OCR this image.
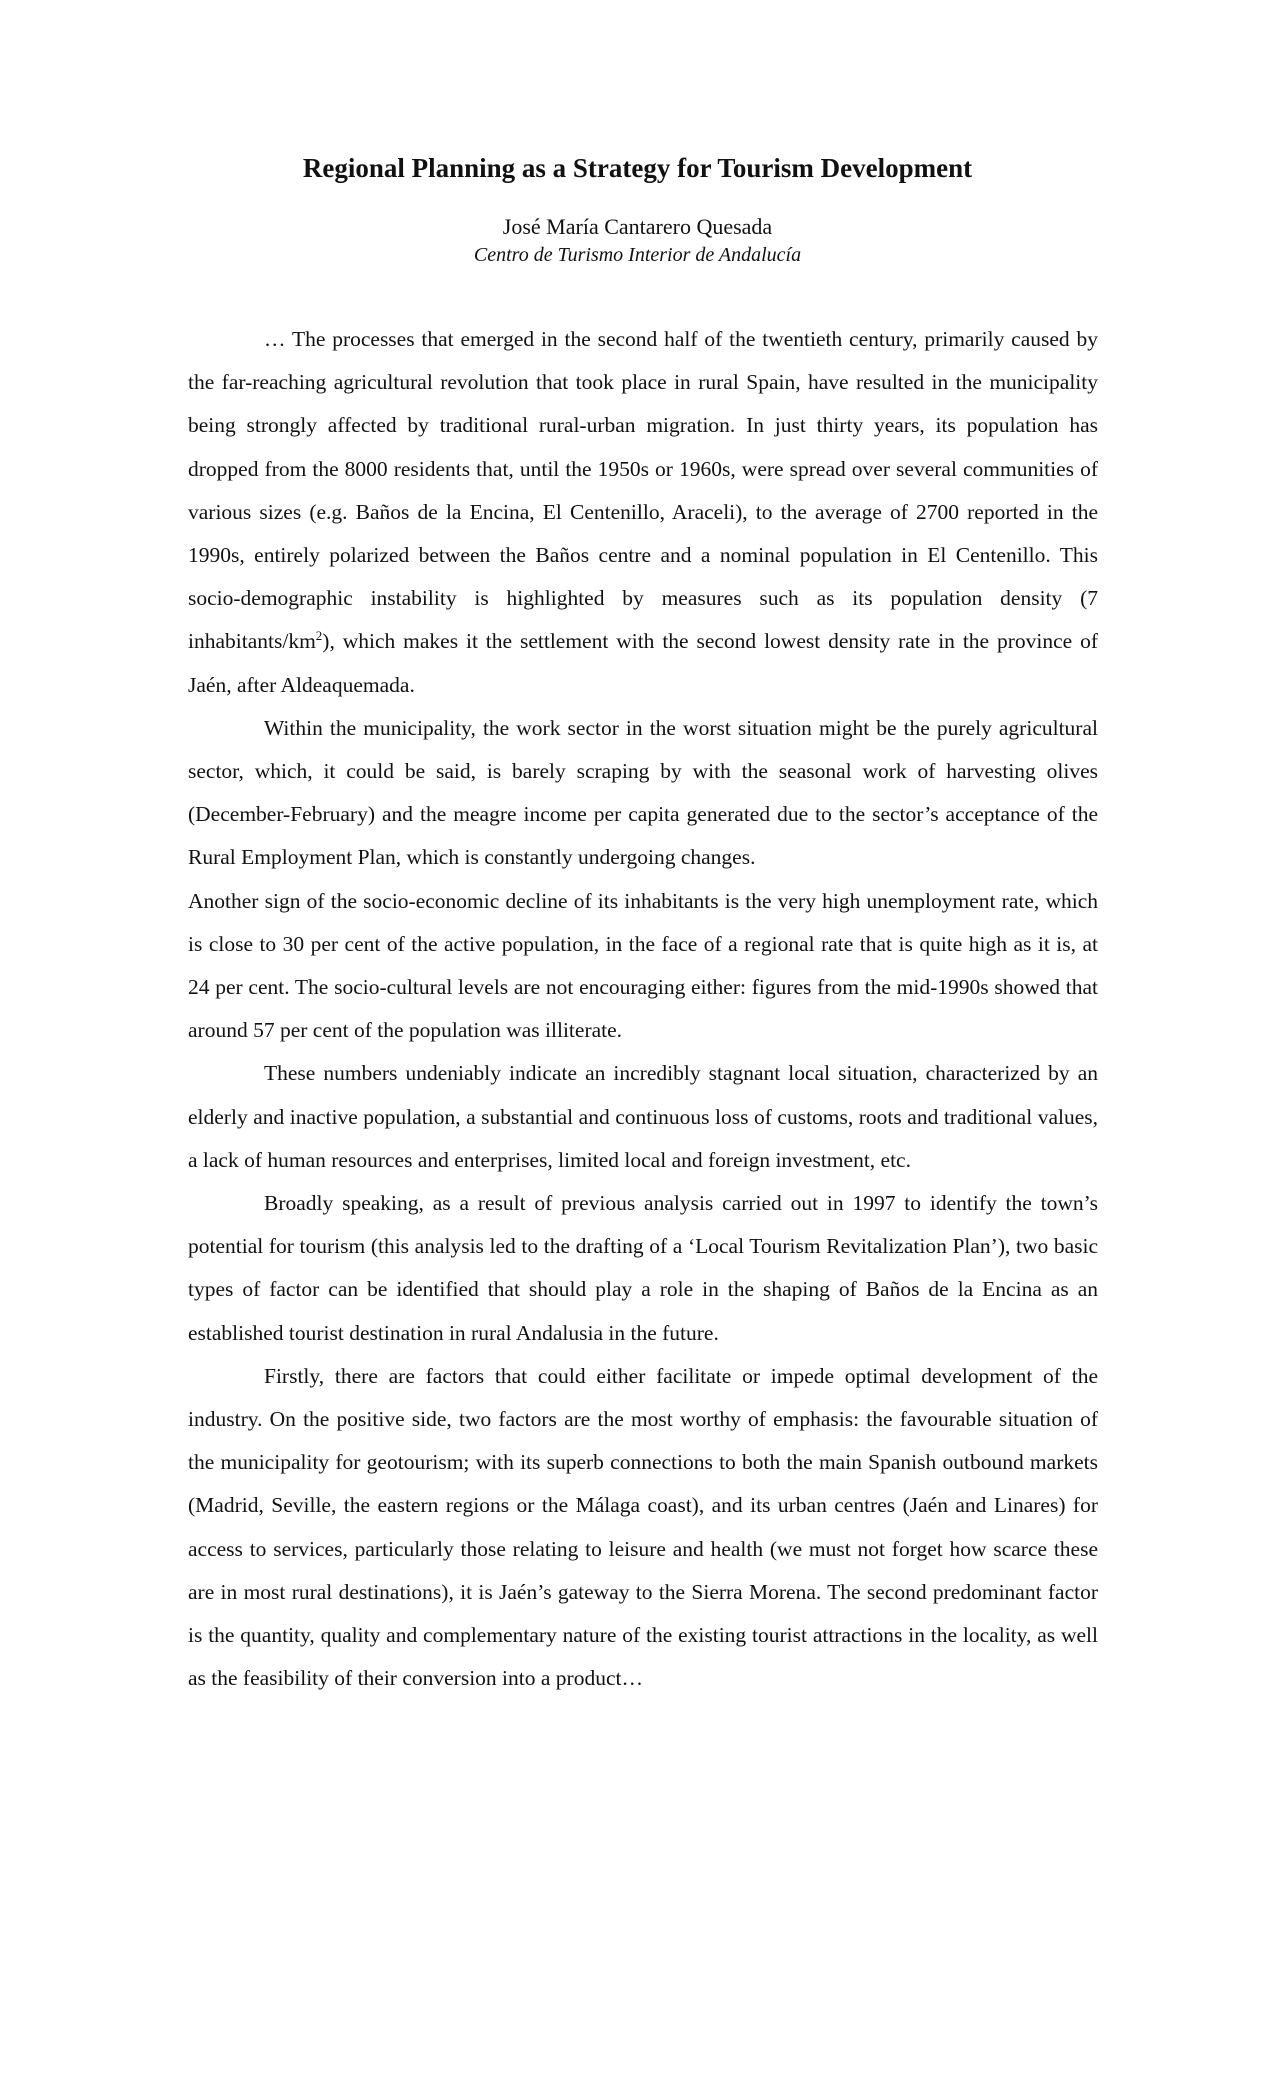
Regional Planning as a Strategy for Tourism Development
José María Cantarero Quesada
Centro de Turismo Interior de Andalucía

… The processes that emerged in the second half of the twentieth century, primarily caused by the far-reaching agricultural revolution that took place in rural Spain, have resulted in the municipality being strongly affected by traditional rural-urban migration. In just thirty years, its population has dropped from the 8000 residents that, until the 1950s or 1960s, were spread over several communities of various sizes (e.g. Baños de la Encina, El Centenillo, Araceli), to the average of 2700 reported in the 1990s, entirely polarized between the Baños centre and a nominal population in El Centenillo. This socio-demographic instability is highlighted by measures such as its population density (7 inhabitants/$km^2$), which makes it the settlement with the second lowest density rate in the province of Jaén, after Aldeaquemada.

Within the municipality, the work sector in the worst situation might be the purely agricultural sector, which, it could be said, is barely scraping by with the seasonal work of harvesting olives (December-February) and the meagre income per capita generated due to the sector’s acceptance of the Rural Employment Plan, which is constantly undergoing changes.

Another sign of the socio-economic decline of its inhabitants is the very high unemployment rate, which is close to 30 per cent of the active population, in the face of a regional rate that is quite high as it is, at 24 per cent. The socio-cultural levels are not encouraging either: figures from the mid-1990s showed that around 57 per cent of the population was illiterate.

These numbers undeniably indicate an incredibly stagnant local situation, characterized by an elderly and inactive population, a substantial and continuous loss of customs, roots and traditional values, a lack of human resources and enterprises, limited local and foreign investment, etc.

Broadly speaking, as a result of previous analysis carried out in 1997 to identify the town’s potential for tourism (this analysis led to the drafting of a ‘Local Tourism Revitalization Plan’), two basic types of factor can be identified that should play a role in the shaping of Baños de la Encina as an established tourist destination in rural Andalusia in the future.

Firstly, there are factors that could either facilitate or impede optimal development of the industry. On the positive side, two factors are the most worthy of emphasis: the favourable situation of the municipality for geotourism; with its superb connections to both the main Spanish outbound markets (Madrid, Seville, the eastern regions or the Málaga coast), and its urban centres (Jaén and Linares) for access to services, particularly those relating to leisure and health (we must not forget how scarce these are in most rural destinations), it is Jaén’s gateway to the Sierra Morena. The second predominant factor is the quantity, quality and complementary nature of the existing tourist attractions in the locality, as well as the feasibility of their conversion into a product…
